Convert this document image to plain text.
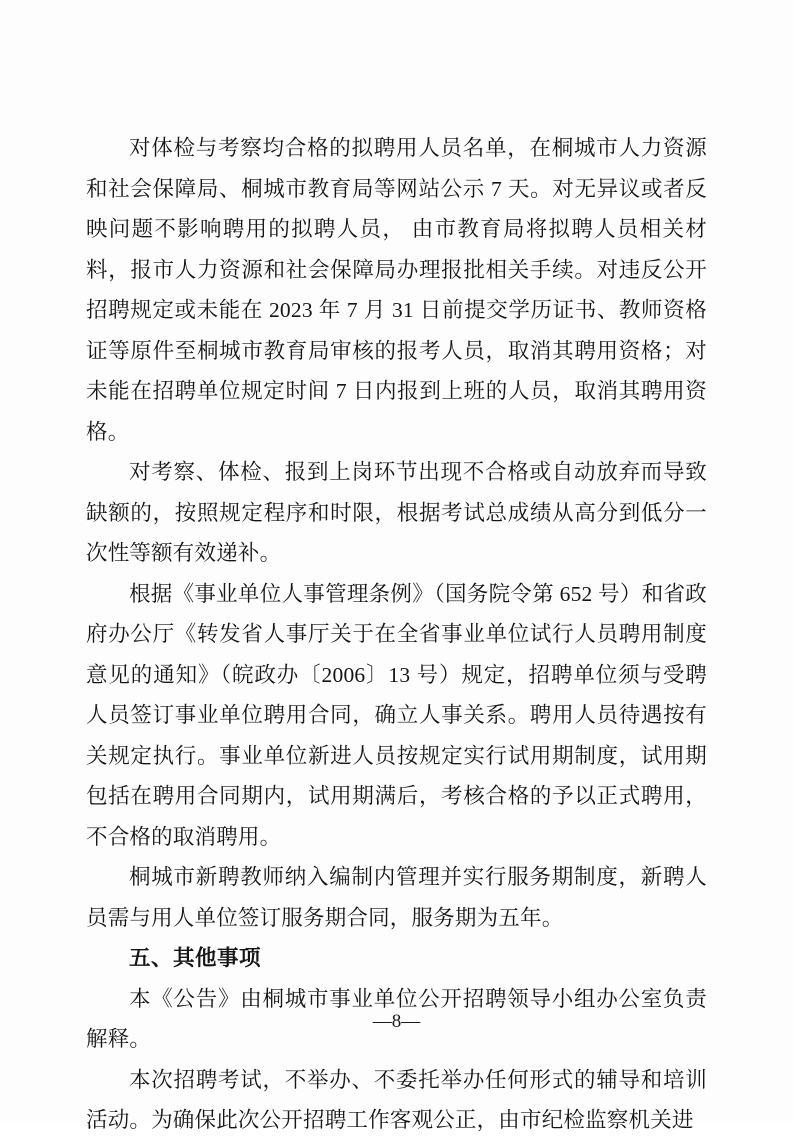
对体检与考察均合格的拟聘用人员名单，在桐城市人力资源和社会保障局、桐城市教育局等网站公示 7 天。对无异议或者反映问题不影响聘用的拟聘人员， 由市教育局将拟聘人员相关材料，报市人力资源和社会保障局办理报批相关手续。对违反公开招聘规定或未能在 2023 年 7 月 31 日前提交学历证书、教师资格证等原件至桐城市教育局审核的报考人员，取消其聘用资格；对未能在招聘单位规定时间 7 日内报到上班的人员，取消其聘用资格。

对考察、体检、报到上岗环节出现不合格或自动放弃而导致缺额的，按照规定程序和时限，根据考试总成绩从高分到低分一次性等额有效递补。

根据《事业单位人事管理条例》（国务院令第 652 号）和省政府办公厅《转发省人事厅关于在全省事业单位试行人员聘用制度意见的通知》（皖政办〔2006〕13 号）规定，招聘单位须与受聘人员签订事业单位聘用合同，确立人事关系。聘用人员待遇按有关规定执行。事业单位新进人员按规定实行试用期制度，试用期包括在聘用合同期内，试用期满后，考核合格的予以正式聘用，不合格的取消聘用。

桐城市新聘教师纳入编制内管理并实行服务期制度，新聘人员需与用人单位签订服务期合同，服务期为五年。

五、其他事项

本《公告》由桐城市事业单位公开招聘领导小组办公室负责解释。

本次招聘考试，不举办、不委托举办任何形式的辅导和培训活动。为确保此次公开招聘工作客观公正，由市纪检监察机关进

—8—
